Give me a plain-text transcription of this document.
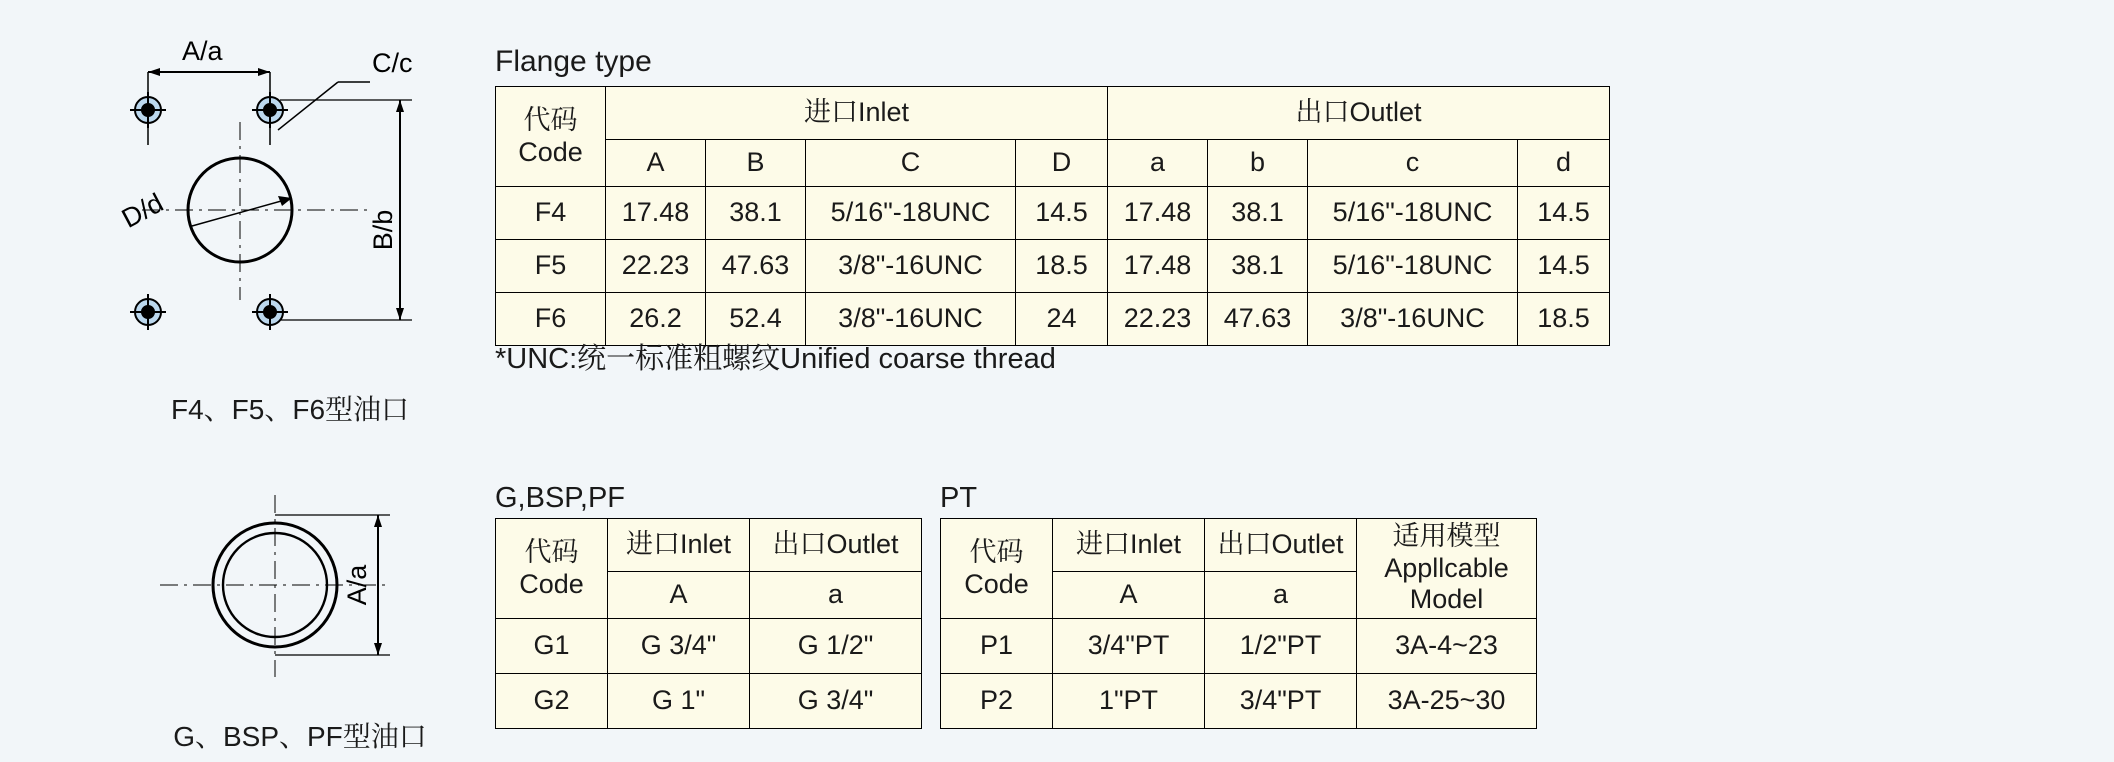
A/a	C/c
B/b
D/d
F4、F5、F6型油口
Flange type
代码
Code	进口Inlet				出口Outlet			
	A	B	C	D	a	b	c	d
F4	17.48	38.1	5/16"-18UNC	14.5	17.48	38.1	5/16"-18UNC	14.5
F5	22.23	47.63	3/8"-16UNC	18.5	17.48	38.1	5/16"-18UNC	14.5
F6	26.2	52.4	3/8"-16UNC	24	22.23	47.63	3/8"-16UNC	18.5
*UNC:统一标准粗螺纹Unified coarse thread
A/a
G、BSP、PF型油口
G,BSP,PF
代码
Code	进口Inlet	出口Outlet
	A	a
G1	G 3/4"	G 1/2"
G2	G 1"	G 3/4"
PT
代码
Code	进口Inlet	出口Outlet	适用模型
Appllcable
Model

	A	a	
P1	3/4"PT	1/2"PT	3A-4~23
P2	1"PT	3/4"PT	3A-25~30
